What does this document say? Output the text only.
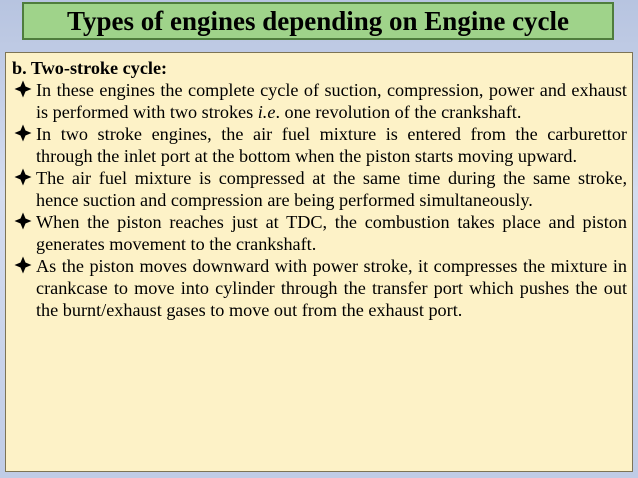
Types of engines depending on Engine cycle

b. Two-stroke cycle:

In these engines the complete cycle of suction, compression, power and exhaust is performed with two strokes i.e. one revolution of the crankshaft.
In two stroke engines, the air fuel mixture is entered from the carburettor through the inlet port at the bottom when the piston starts moving upward.
The air fuel mixture is compressed at the same time during the same stroke, hence suction and compression are being performed simultaneously.
When the piston reaches just at TDC, the combustion takes place and piston generates movement to the crankshaft.
As the piston moves downward with power stroke, it compresses the mixture in crankcase to move into cylinder through the transfer port which pushes the out the burnt/exhaust gases to move out from the exhaust port.
